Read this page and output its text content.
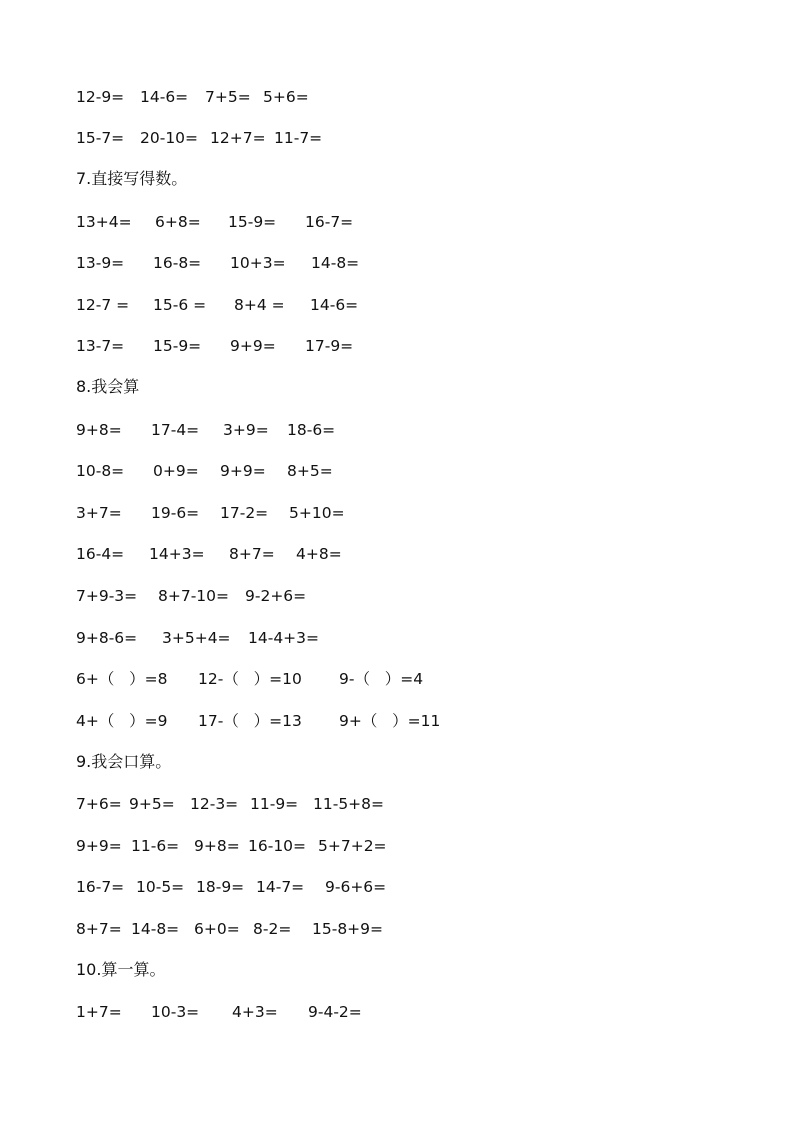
12-9= 14-6= 7+5= 5+6=
15-7= 20-10= 12+7= 11-7=
7.直接写得数。
13+4= 6+8= 15-9= 16-7=
13-9= 16-8= 10+3= 14-8=
12-7 = 15-6 = 8+4 = 14-6=
13-7= 15-9= 9+9= 17-9=
8.我会算
9+8= 17-4= 3+9= 18-6=
10-8= 0+9= 9+9= 8+5=
3+7= 19-6= 17-2= 5+10=
16-4= 14+3= 8+7= 4+8=
7+9-3= 8+7-10= 9-2+6=
9+8-6= 3+5+4= 14-4+3=
6+（   ）=8 12-（   ）=10 9-（   ）=4
4+（   ）=9 17-（   ）=13 9+（   ）=11
9.我会口算。
7+6= 9+5= 12-3= 11-9= 11-5+8=
9+9= 11-6= 9+8= 16-10= 5+7+2=
16-7= 10-5= 18-9= 14-7= 9-6+6=
8+7= 14-8= 6+0= 8-2= 15-8+9=
10.算一算。
1+7= 10-3= 4+3= 9-4-2=
